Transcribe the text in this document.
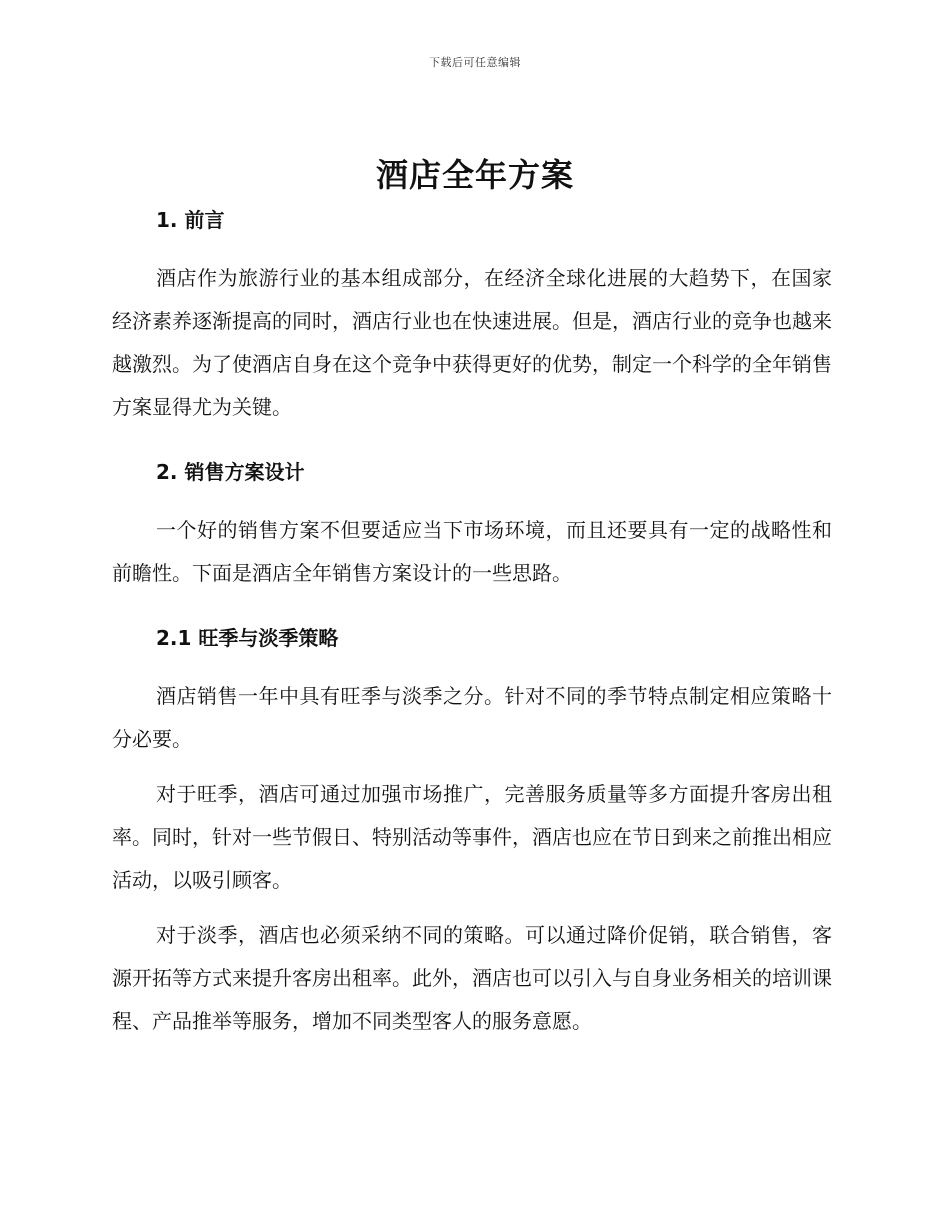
下载后可任意编辑
酒店全年方案
1. 前言

酒店作为旅游行业的基本组成部分，在经济全球化进展的大趋势下，在国家经济素养逐渐提高的同时，酒店行业也在快速进展。但是，酒店行业的竞争也越来越激烈。为了使酒店自身在这个竞争中获得更好的优势，制定一个科学的全年销售方案显得尤为关键。

2. 销售方案设计

一个好的销售方案不但要适应当下市场环境，而且还要具有一定的战略性和前瞻性。下面是酒店全年销售方案设计的一些思路。

2.1 旺季与淡季策略

酒店销售一年中具有旺季与淡季之分。针对不同的季节特点制定相应策略十分必要。

对于旺季，酒店可通过加强市场推广，完善服务质量等多方面提升客房出租率。同时，针对一些节假日、特别活动等事件，酒店也应在节日到来之前推出相应活动，以吸引顾客。

对于淡季，酒店也必须采纳不同的策略。可以通过降价促销，联合销售，客源开拓等方式来提升客房出租率。此外，酒店也可以引入与自身业务相关的培训课程、产品推举等服务，增加不同类型客人的服务意愿。
